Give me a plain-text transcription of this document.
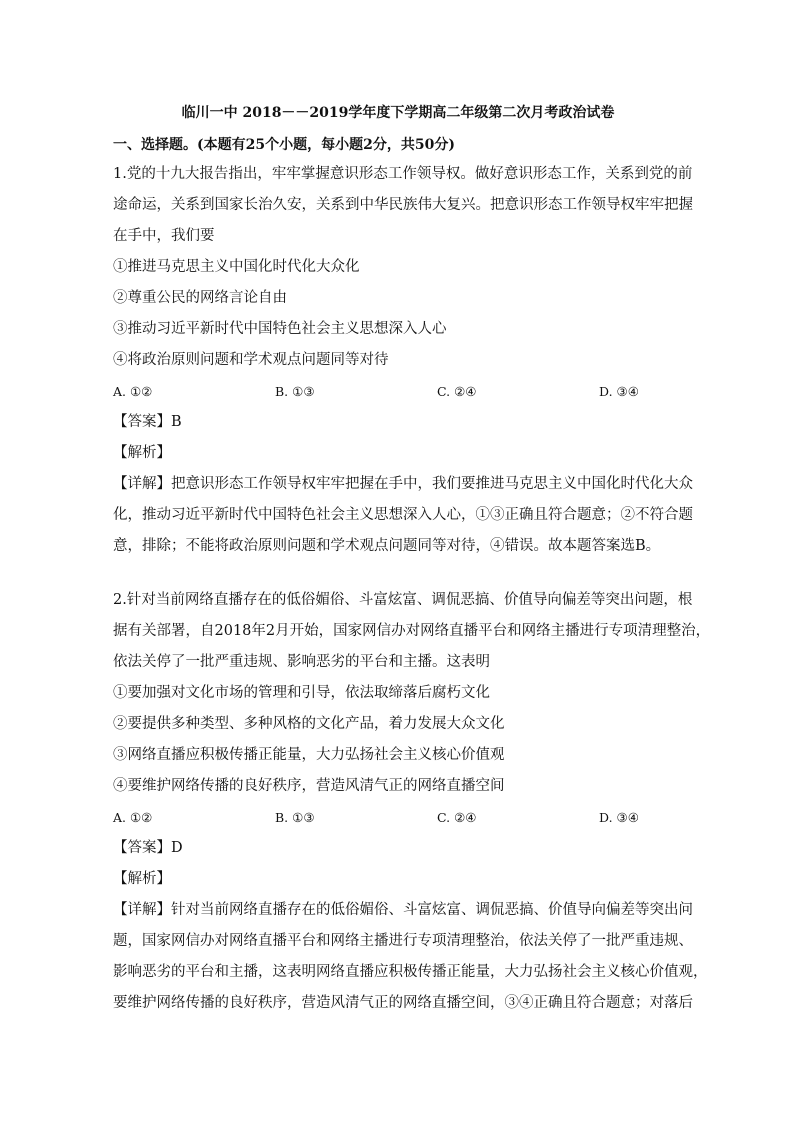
临川一中 2018－－2019学年度下学期高二年级第二次月考政治试卷
一、选择题。(本题有25个小题，每小题2分，共50分)
1.党的十九大报告指出，牢牢掌握意识形态工作领导权。做好意识形态工作，关系到党的前
途命运，关系到国家长治久安，关系到中华民族伟大复兴。把意识形态工作领导权牢牢把握
在手中，我们要
①推进马克思主义中国化时代化大众化
②尊重公民的网络言论自由
③推动习近平新时代中国特色社会主义思想深入人心
④将政治原则问题和学术观点问题同等对待
A. ①②	B. ①③	C. ②④	D. ③④
【答案】B
【解析】
【详解】把意识形态工作领导权牢牢把握在手中，我们要推进马克思主义中国化时代化大众
化，推动习近平新时代中国特色社会主义思想深入人心，①③正确且符合题意；②不符合题
意，排除；不能将政治原则问题和学术观点问题同等对待，④错误。故本题答案选B。
2.针对当前网络直播存在的低俗媚俗、斗富炫富、调侃恶搞、价值导向偏差等突出问题，根
据有关部署，自2018年2月开始，国家网信办对网络直播平台和网络主播进行专项清理整治，
依法关停了一批严重违规、影响恶劣的平台和主播。这表明
①要加强对文化市场的管理和引导，依法取缔落后腐朽文化
②要提供多种类型、多种风格的文化产品，着力发展大众文化
③网络直播应积极传播正能量，大力弘扬社会主义核心价值观
④要维护网络传播的良好秩序，营造风清气正的网络直播空间
A. ①②	B. ①③	C. ②④	D. ③④
【答案】D
【解析】
【详解】针对当前网络直播存在的低俗媚俗、斗富炫富、调侃恶搞、价值导向偏差等突出问
题，国家网信办对网络直播平台和网络主播进行专项清理整治，依法关停了一批严重违规、
影响恶劣的平台和主播，这表明网络直播应积极传播正能量，大力弘扬社会主义核心价值观，
要维护网络传播的良好秩序，营造风清气正的网络直播空间，③④正确且符合题意；对落后
